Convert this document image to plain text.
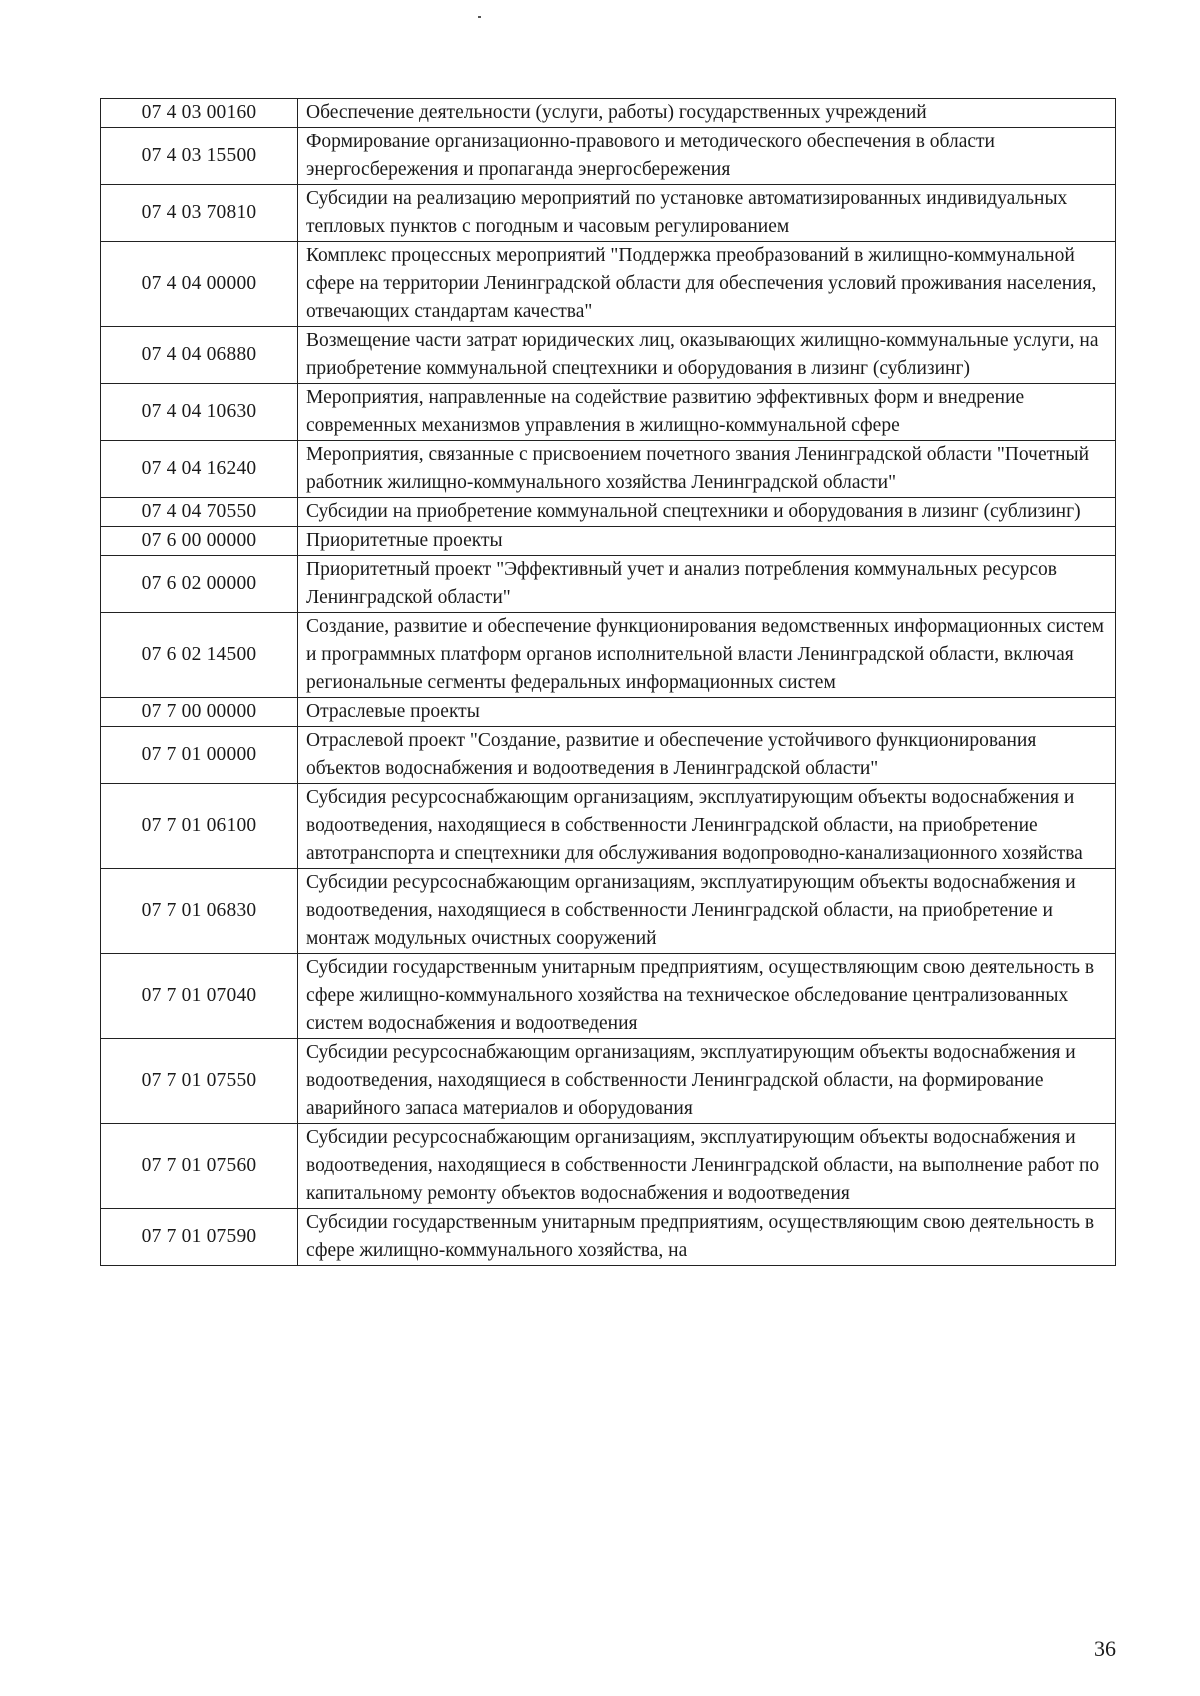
07 4 03 00160	Обеспечение деятельности (услуги, работы) государственных учреждений
07 4 03 15500	Формирование организационно-правового и методического обеспечения в области энергосбережения и пропаганда энергосбережения
07 4 03 70810	Субсидии на реализацию мероприятий по установке автоматизированных индивидуальных тепловых пунктов с погодным и часовым регулированием
07 4 04 00000	Комплекс процессных мероприятий "Поддержка преобразований в жилищно-коммунальной сфере на территории Ленинградской области для обеспечения условий проживания населения, отвечающих стандартам качества"
07 4 04 06880	Возмещение части затрат юридических лиц, оказывающих жилищно-коммунальные услуги, на приобретение коммунальной спецтехники и оборудования в лизинг (сублизинг)
07 4 04 10630	Мероприятия, направленные на содействие развитию эффективных форм и внедрение современных механизмов управления в жилищно-коммунальной сфере
07 4 04 16240	Мероприятия, связанные с присвоением почетного звания Ленинградской области "Почетный работник жилищно-коммунального хозяйства Ленинградской области"
07 4 04 70550	Субсидии на приобретение коммунальной спецтехники и оборудования в лизинг (сублизинг)
07 6 00 00000	Приоритетные проекты
07 6 02 00000	Приоритетный проект "Эффективный учет и анализ потребления коммунальных ресурсов Ленинградской области"
07 6 02 14500	Создание, развитие и обеспечение функционирования ведомственных информационных систем и программных платформ органов исполнительной власти Ленинградской области, включая региональные сегменты федеральных информационных систем
07 7 00 00000	Отраслевые проекты
07 7 01 00000	Отраслевой проект "Создание, развитие и обеспечение устойчивого функционирования объектов водоснабжения и водоотведения в Ленинградской области"
07 7 01 06100	Субсидия ресурсоснабжающим организациям, эксплуатирующим объекты водоснабжения и водоотведения, находящиеся в собственности Ленинградской области, на приобретение автотранспорта и спецтехники для обслуживания водопроводно-канализационного хозяйства
07 7 01 06830	Субсидии ресурсоснабжающим организациям, эксплуатирующим объекты водоснабжения и водоотведения, находящиеся в собственности Ленинградской области, на приобретение и монтаж модульных очистных сооружений
07 7 01 07040	Субсидии государственным унитарным предприятиям, осуществляющим свою деятельность в сфере жилищно-коммунального хозяйства на техническое обследование централизованных систем водоснабжения и водоотведения
07 7 01 07550	Субсидии ресурсоснабжающим организациям, эксплуатирующим объекты водоснабжения и водоотведения, находящиеся в собственности Ленинградской области, на формирование аварийного запаса материалов и оборудования
07 7 01 07560	Субсидии ресурсоснабжающим организациям, эксплуатирующим объекты водоснабжения и водоотведения, находящиеся в собственности Ленинградской области, на выполнение работ по капитальному ремонту объектов водоснабжения и водоотведения
07 7 01 07590	Субсидии государственным унитарным предприятиям, осуществляющим свою деятельность в сфере жилищно-коммунального хозяйства, на
36
